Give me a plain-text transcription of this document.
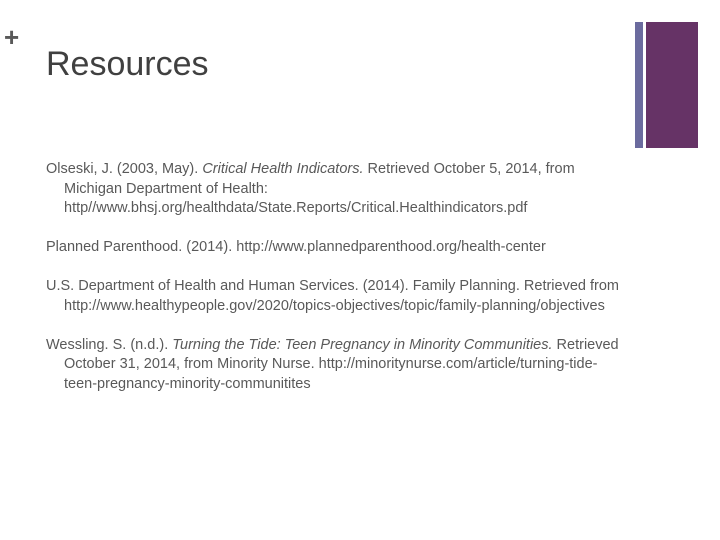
+
Resources

Olseski, J. (2003, May). Critical Health Indicators. Retrieved October 5, 2014, from Michigan Department of Health: http//www.bhsj.org/healthdata/State.Reports/Critical.Healthindicators.pdf

Planned Parenthood. (2014). http://www.plannedparenthood.org/health-center

U.S. Department of Health and Human Services. (2014). Family Planning. Retrieved from http://www.healthypeople.gov/2020/topics-objectives/topic/family-planning/objectives

Wessling. S. (n.d.). Turning the Tide: Teen Pregnancy in Minority Communities. Retrieved October 31, 2014, from Minority Nurse. http://minoritynurse.com/article/turning-tide-teen-pregnancy-minority-communitites
